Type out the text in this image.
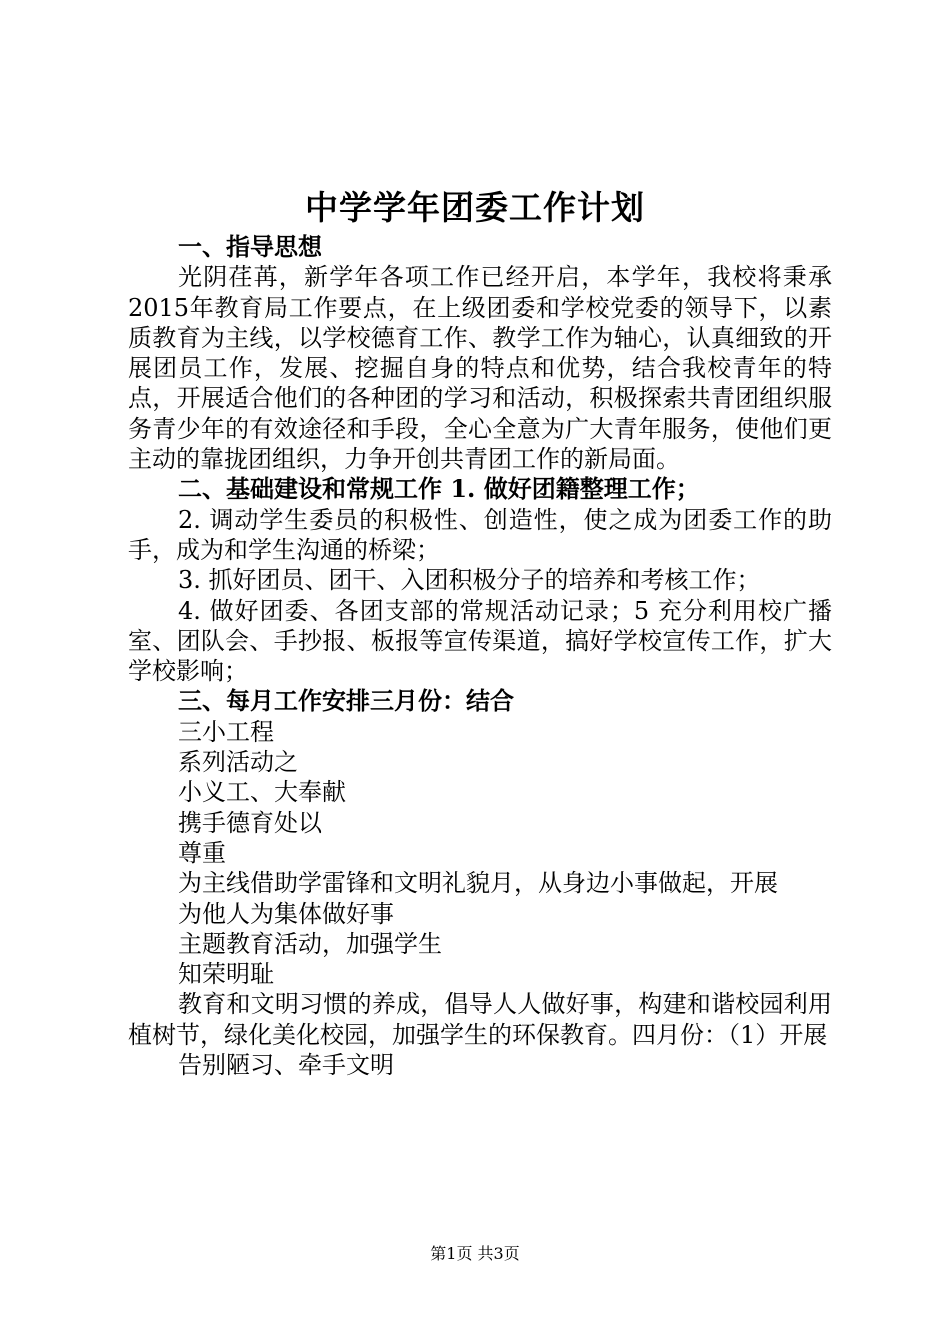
中学学年团委工作计划

一、指导思想

光阴荏苒，新学年各项工作已经开启，本学年，我校将秉承2015年教育局工作要点，在上级团委和学校党委的领导下，以素质教育为主线，以学校德育工作、教学工作为轴心，认真细致的开展团员工作，发展、挖掘自身的特点和优势，结合我校青年的特点，开展适合他们的各种团的学习和活动，积极探索共青团组织服务青少年的有效途径和手段，全心全意为广大青年服务，使他们更主动的靠拢团组织，力争开创共青团工作的新局面。

二、基础建设和常规工作 1. 做好团籍整理工作；

2. 调动学生委员的积极性、创造性，使之成为团委工作的助手，成为和学生沟通的桥梁；

3. 抓好团员、团干、入团积极分子的培养和考核工作；

4. 做好团委、各团支部的常规活动记录；5 充分利用校广播室、团队会、手抄报、板报等宣传渠道，搞好学校宣传工作，扩大学校影响；

三、每月工作安排三月份：结合

三小工程

系列活动之

小义工、大奉献

携手德育处以

尊重

为主线借助学雷锋和文明礼貌月，从身边小事做起，开展

为他人为集体做好事

主题教育活动，加强学生

知荣明耻

教育和文明习惯的养成，倡导人人做好事，构建和谐校园利用植树节，绿化美化校园，加强学生的环保教育。四月份：（1）开展

告别陋习、牵手文明

第1页 共3页
